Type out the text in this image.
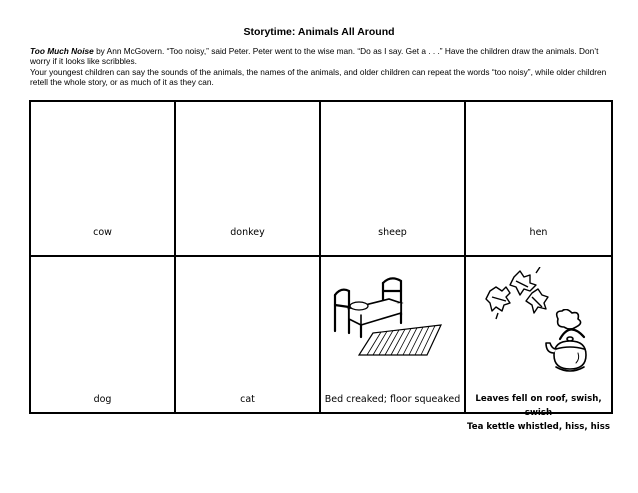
Storytime: Animals All Around

Too Much Noise by Ann McGovern. “Too noisy,” said Peter. Peter went to the wise man. “Do as I say. Get a . . .” Have the children draw the animals. Don’t worry if it looks like scribbles.

Your youngest children can say the sounds of the animals, the names of the animals, and older children can repeat the words “too noisy”, while older children retell the whole story, or as much of it as they can.

cow	donkey	sheep	hen
dog	cat	Bed creaked; floor squeaked	Leaves fell on roof, swish, swish
Tea kettle whistled, hiss, hiss
